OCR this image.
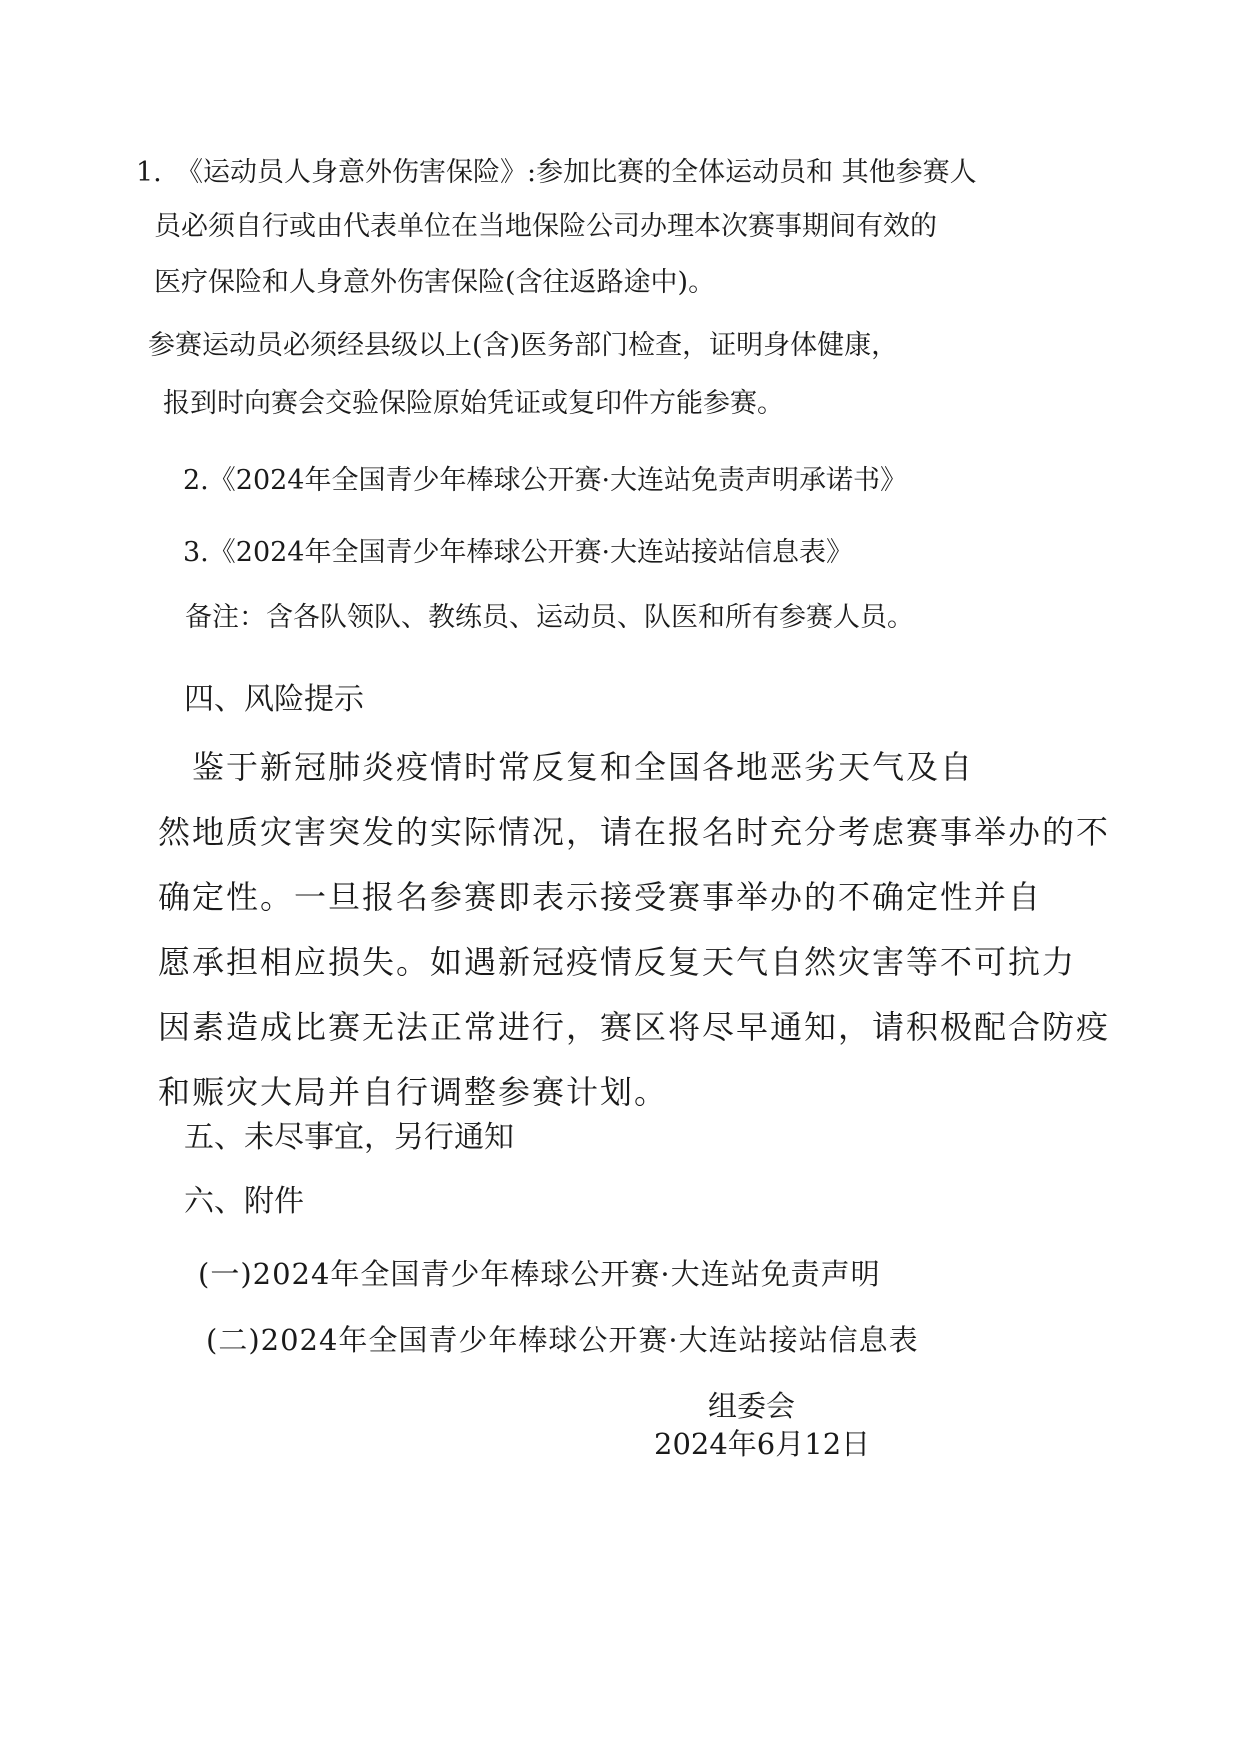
1. 《运动员人身意外伤害保险》:参加比赛的全体运动员和 其他参赛人
员必须自行或由代表单位在当地保险公司办理本次赛事期间有效的
医疗保险和人身意外伤害保险(含往返路途中)。
参赛运动员必须经县级以上(含)医务部门检查，证明身体健康，
报到时向赛会交验保险原始凭证或复印件方能参赛。
2.《2024年全国青少年棒球公开赛·大连站免责声明承诺书》
3.《2024年全国青少年棒球公开赛·大连站接站信息表》
备注：含各队领队、教练员、运动员、队医和所有参赛人员。
四、风险提示
　鉴于新冠肺炎疫情时常反复和全国各地恶劣天气及自
然地质灾害突发的实际情况，请在报名时充分考虑赛事举办的不
确定性。一旦报名参赛即表示接受赛事举办的不确定性并自
愿承担相应损失。如遇新冠疫情反复天气自然灾害等不可抗力
因素造成比赛无法正常进行，赛区将尽早通知，请积极配合防疫
和赈灾大局并自行调整参赛计划。
五、未尽事宜，另行通知
六、附件
(一)2024年全国青少年棒球公开赛·大连站免责声明
(二)2024年全国青少年棒球公开赛·大连站接站信息表
组委会
2024年6月12日
